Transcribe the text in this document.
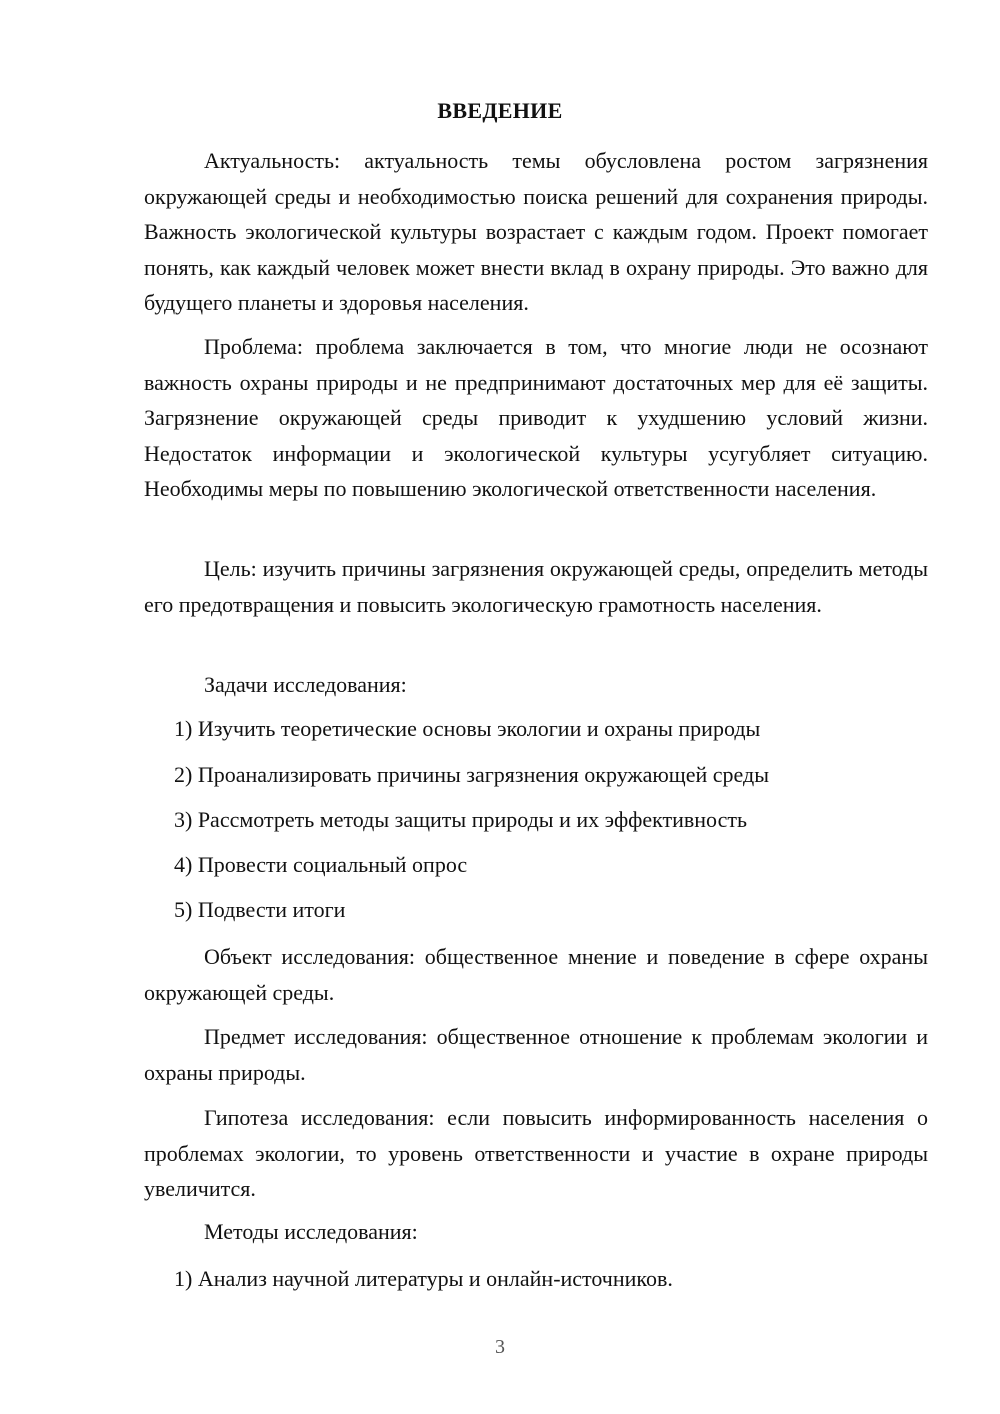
ВВЕДЕНИЕ

Актуальность: актуальность темы обусловлена ростом загрязнения окружающей среды и необходимостью поиска решений для сохранения природы. Важность экологической культуры возрастает с каждым годом. Проект помогает понять, как каждый человек может внести вклад в охрану природы. Это важно для будущего планеты и здоровья населения.

Проблема: проблема заключается в том, что многие люди не осознают важность охраны природы и не предпринимают достаточных мер для её защиты. Загрязнение окружающей среды приводит к ухудшению условий жизни. Недостаток информации и экологической культуры усугубляет ситуацию. Необходимы меры по повышению экологической ответственности населения.

Цель: изучить причины загрязнения окружающей среды, определить методы его предотвращения и повысить экологическую грамотность населения.

Задачи исследования:

1) Изучить теоретические основы экологии и охраны природы

2) Проанализировать причины загрязнения окружающей среды

3) Рассмотреть методы защиты природы и их эффективность

4) Провести социальный опрос

5) Подвести итоги

Объект исследования: общественное мнение и поведение в сфере охраны окружающей среды.

Предмет исследования: общественное отношение к проблемам экологии и охраны природы.

Гипотеза исследования: если повысить информированность населения о проблемах экологии, то уровень ответственности и участие в охране природы увеличится.

Методы исследования:

1) Анализ научной литературы и онлайн-источников.

3
